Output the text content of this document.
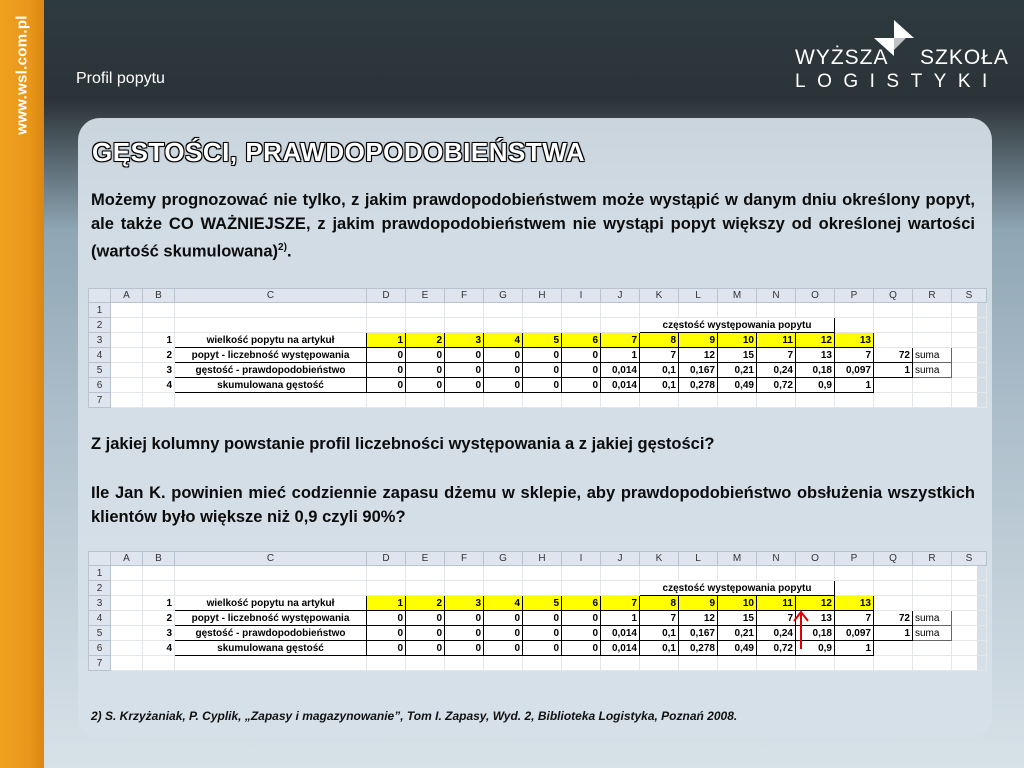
www.wsl.com.pl	Profil popytu
WYŻSZA SZKOŁA
LOGISTYKI
GĘSTOŚCI, PRAWDOPODOBIEŃSTWA
Możemy prognozować nie tylko, z jakim prawdopodobieństwem może wystąpić w danym dniu określony popyt, ale także CO WAŻNIEJSZE, z jakim prawdopodobieństwem nie wystąpi popyt większy od określonej wartości (wartość skumulowana)$^{2)}$.
	A	B	C	D	E	F	G	H	I	J	K	L	M	N	O	P	Q	R	S
1																			
2											częstość występowania popytu								
3		1	wielkość popytu na artykuł	1	2	3	4	5	6	7	8	9	10	11	12	13			
4		2	popyt - liczebność występowania	0	0	0	0	0	0	1	7	12	15	7	13	7	72	suma	
5		3	gęstość - prawdopodobieństwo	0	0	0	0	0	0	0,014	0,1	0,167	0,21	0,24	0,18	0,097	1	suma	
6		4	skumulowana gęstość	0	0	0	0	0	0	0,014	0,1	0,278	0,49	0,72	0,9	1			
7																			
Z jakiej kolumny powstanie profil liczebności występowania a z jakiej gęstości?
Ile Jan K. powinien mieć codziennie zapasu dżemu w sklepie, aby prawdopodobieństwo obsłużenia wszystkich klientów było większe niż 0,9 czyli 90%?
	A	B	C	D	E	F	G	H	I	J	K	L	M	N	O	P	Q	R	S
1																			
2											częstość występowania popytu								
3		1	wielkość popytu na artykuł	1	2	3	4	5	6	7	8	9	10	11	12	13			
4		2	popyt - liczebność występowania	0	0	0	0	0	0	1	7	12	15	7	13	7	72	suma	
5		3	gęstość - prawdopodobieństwo	0	0	0	0	0	0	0,014	0,1	0,167	0,21	0,24	0,18	0,097	1	suma	
6		4	skumulowana gęstość	0	0	0	0	0	0	0,014	0,1	0,278	0,49	0,72	0,9	1			
7																			
2) S. Krzyżaniak, P. Cyplik, „Zapasy i magazynowanie”, Tom I. Zapasy, Wyd. 2, Biblioteka Logistyka, Poznań 2008.
